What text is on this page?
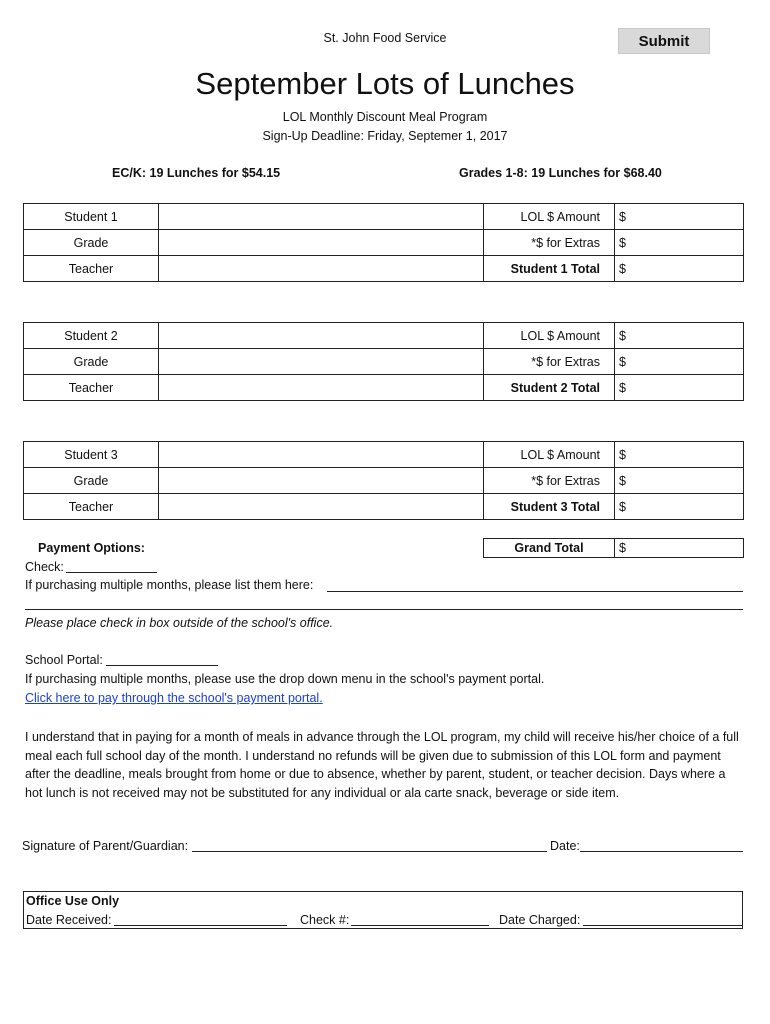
St. John Food Service	Submit
September Lots of Lunches
LOL Monthly Discount Meal Program
Sign-Up Deadline: Friday, Septemer 1, 2017
EC/K: 19 Lunches for $54.15	Grades 1-8: 19 Lunches for $68.40
Student 1		LOL $ Amount	$
Grade		*$ for Extras	$
Teacher		Student 1 Total	$
Student 2		LOL $ Amount	$
Grade		*$ for Extras	$
Teacher		Student 2 Total	$
Student 3		LOL $ Amount	$
Grade		*$ for Extras	$
Teacher		Student 3 Total	$
Payment Options:	Grand Total	$
Check:
If purchasing multiple months, please list them here:
Please place check in box outside of the school's office.
School Portal:
If purchasing multiple months, please use the drop down menu in the school's payment portal.
Click here to pay through the school's payment portal.
I understand that in paying for a month of meals in advance through the LOL program, my child will receive his/her choice of a full meal each full school day of the month. I understand no refunds will be given due to submission of this LOL form and payment after the deadline, meals brought from home or due to absence, whether by parent, student, or teacher decision. Days where a hot lunch is not received may not be substituted for any individual or ala carte snack, beverage or side item.
Signature of Parent/Guardian:	Date:
Office Use Only
Date Received:	Check #:	Date Charged:
